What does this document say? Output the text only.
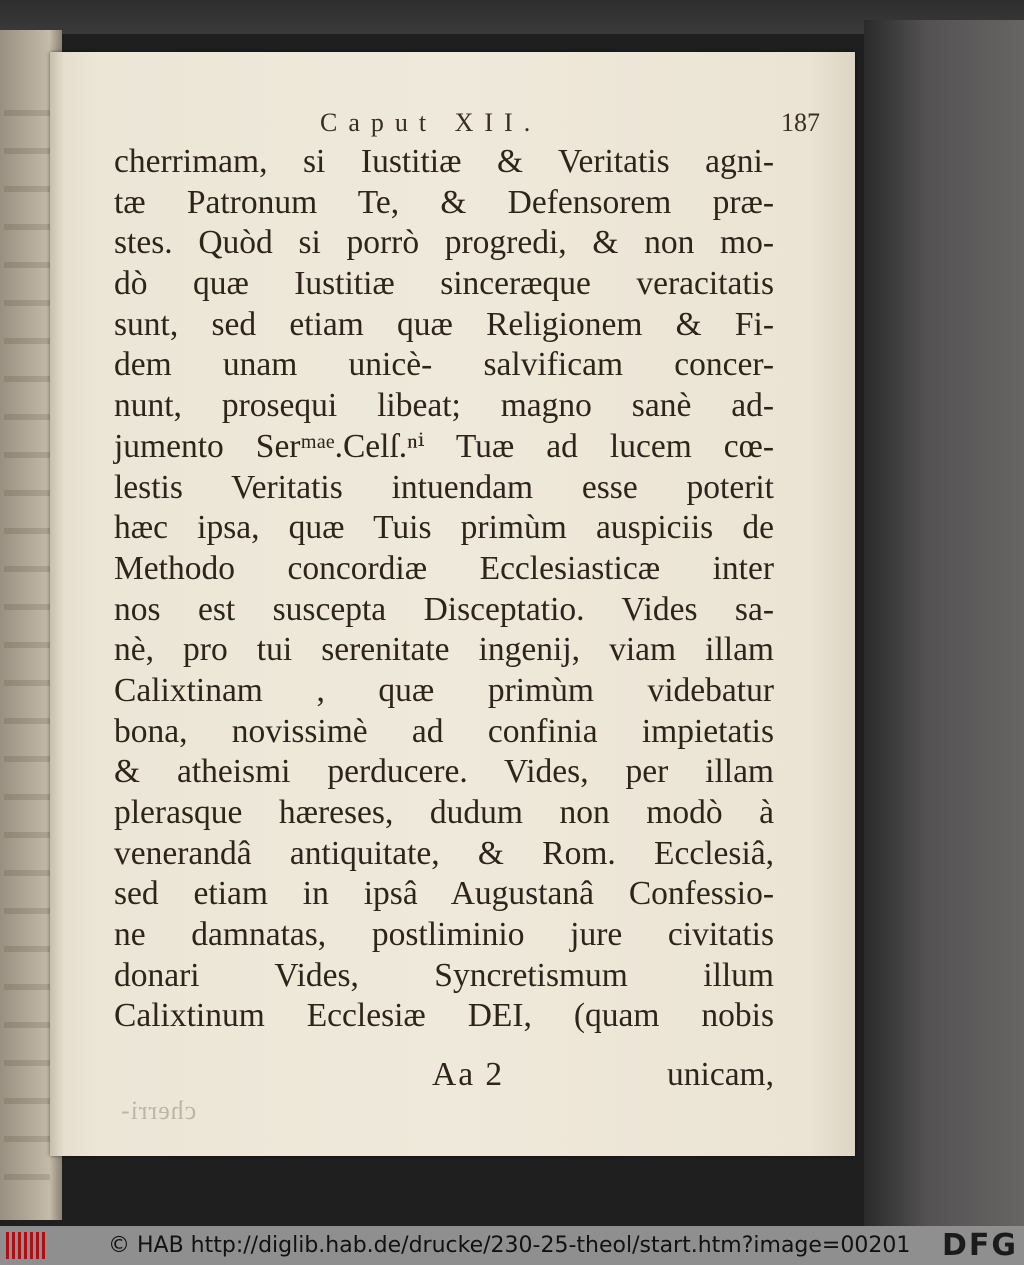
Caput XII.	187
cherrimam, si Iustitiæ & Veritatis agni-
tæ Patronum Te, & Defensorem præ-
stes. Quòd si porrò progredi, & non mo-
dò quæ Iustitiæ sinceræque veracitatis
sunt, sed etiam quæ Religionem & Fi-
dem unam unicè- salvificam concer-
nunt, prosequi libeat; magno sanè ad-
jumento Serᵐᵃᵉ.Celſ.ⁿⁱ Tuæ ad lucem cœ-
lestis Veritatis intuendam esse poterit
hæc ipsa, quæ Tuis primùm auspiciis de
Methodo concordiæ Ecclesiasticæ inter
nos est suscepta Disceptatio. Vides sa-
nè, pro tui serenitate ingenij, viam illam
Calixtinam , quæ primùm videbatur
bona, novissimè ad confinia impietatis
& atheismi perducere. Vides, per illam
plerasque hæreses, dudum non modò à
venerandâ antiquitate, & Rom. Ecclesiâ,
sed etiam in ipsâ Augustanâ Confessio-
ne damnatas, postliminio jure civitatis
donari Vides, Syncretismum illum
Calixtinum Ecclesiæ DEI, (quam nobis
Aa 2	unicam,
cherri-
© HAB http://diglib.hab.de/drucke/230-25-theol/start.htm?image=00201 DFG
